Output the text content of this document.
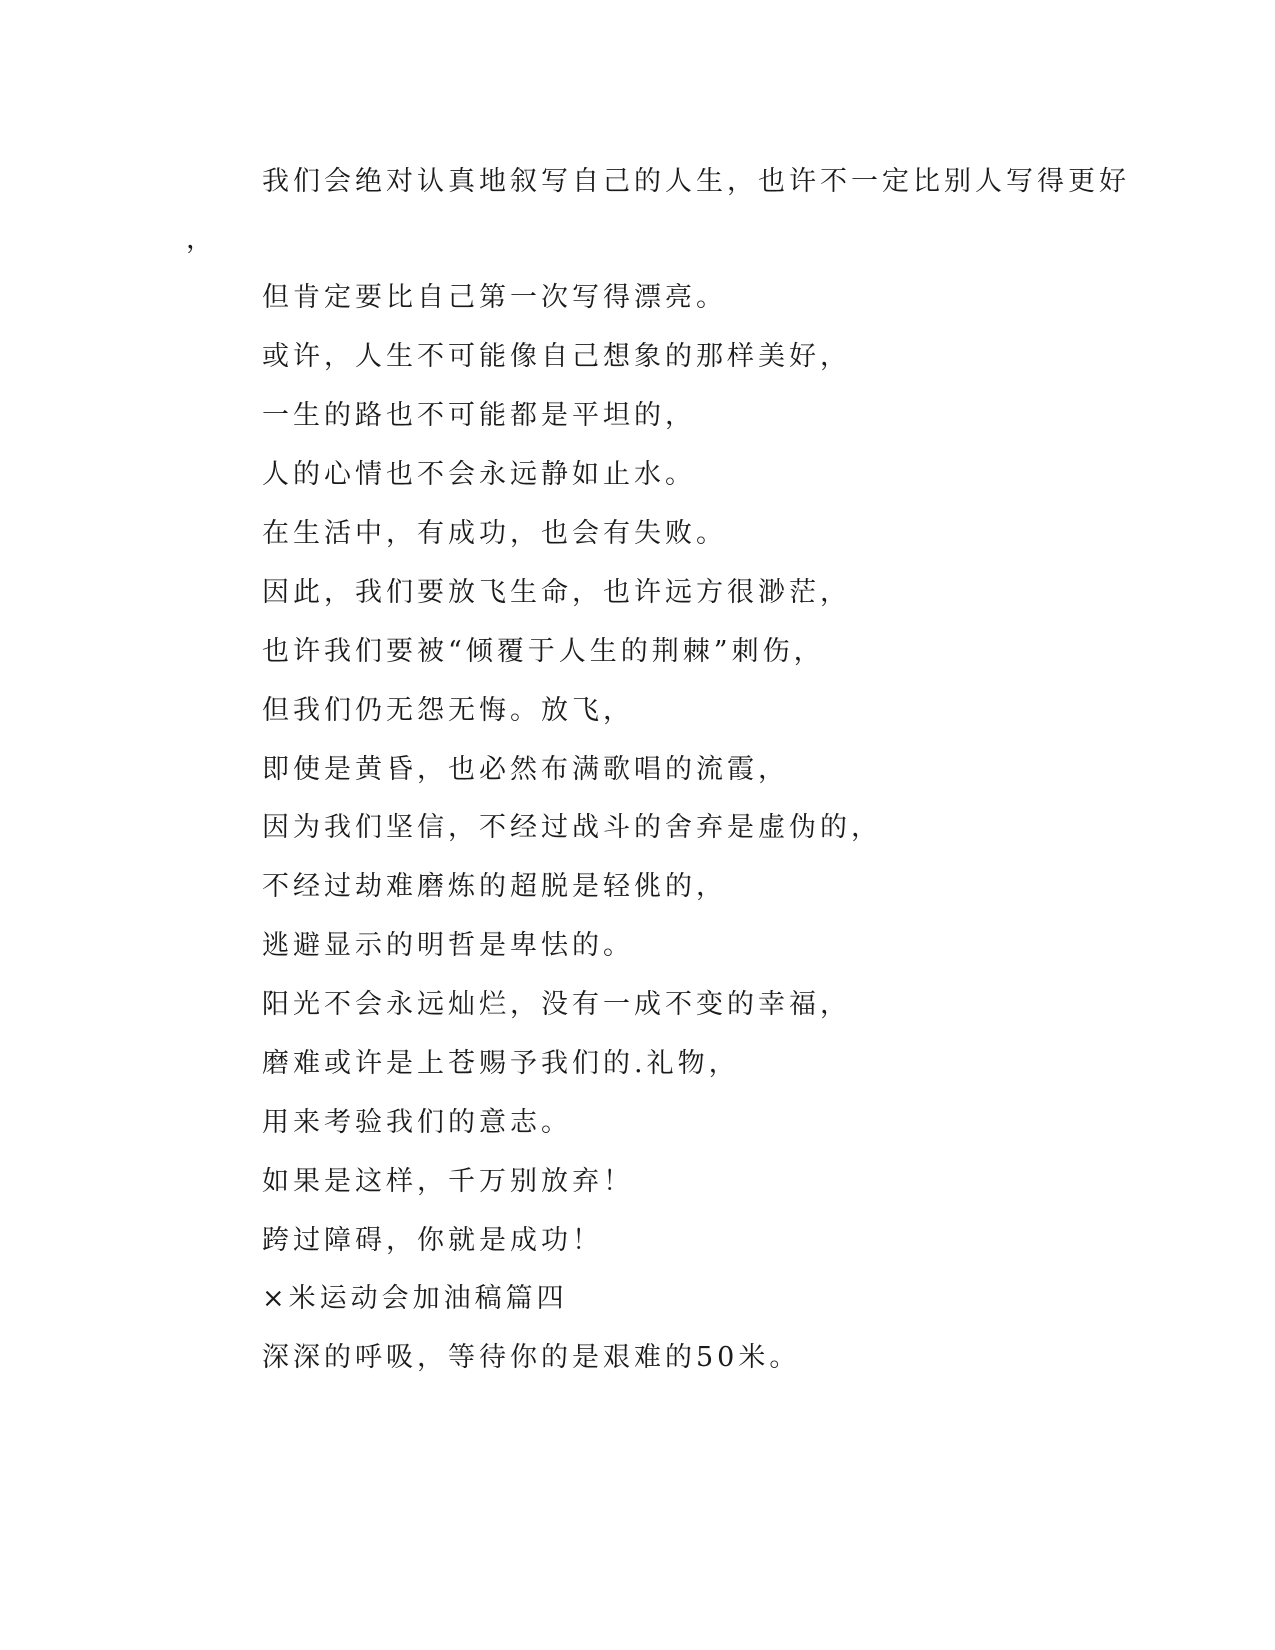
我们会绝对认真地叙写自己的人生，也许不一定比别人写得更好
，
但肯定要比自己第一次写得漂亮。
或许，人生不可能像自己想象的那样美好，
一生的路也不可能都是平坦的，
人的心情也不会永远静如止水。
在生活中，有成功，也会有失败。
因此，我们要放飞生命，也许远方很渺茫，
也许我们要被“倾覆于人生的荆棘”刺伤，
但我们仍无怨无悔。放飞，
即使是黄昏，也必然布满歌唱的流霞，
因为我们坚信，不经过战斗的舍弃是虚伪的，
不经过劫难磨炼的超脱是轻佻的，
逃避显示的明哲是卑怯的。
阳光不会永远灿烂，没有一成不变的幸福，
磨难或许是上苍赐予我们的.礼物，
用来考验我们的意志。
如果是这样，千万别放弃！
跨过障碍，你就是成功！
×米运动会加油稿篇四
深深的呼吸，等待你的是艰难的50米。
